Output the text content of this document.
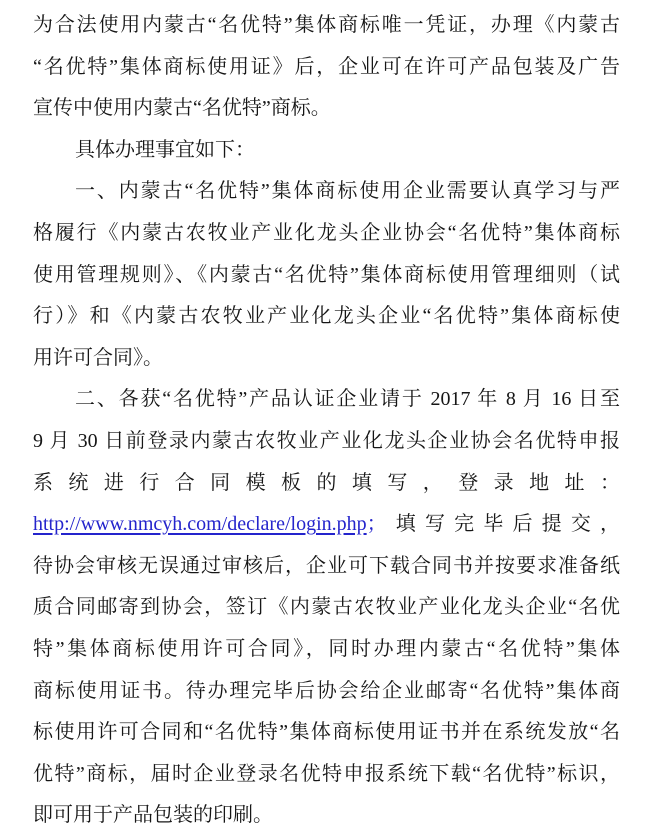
为合法使用内蒙古“名优特”集体商标唯一凭证，办理《内蒙古
“名优特”集体商标使用证》后，企业可在许可产品包装及广告
宣传中使用内蒙古“名优特”商标。
具体办理事宜如下：
一、内蒙古“名优特”集体商标使用企业需要认真学习与严
格履行《内蒙古农牧业产业化龙头企业协会“名优特”集体商标
使用管理规则》、《内蒙古“名优特”集体商标使用管理细则（试
行）》和《内蒙古农牧业产业化龙头企业“名优特”集体商标使
用许可合同》。
二、各获“名优特”产品认证企业请于 2017 年 8 月 16 日至
9 月 30 日前登录内蒙古农牧业产业化龙头企业协会名优特申报
系统进行合同模板的填写，登录地址：
http://www.nmcyh.com/declare/login.php；填写完毕后提交，
待协会审核无误通过审核后，企业可下载合同书并按要求准备纸
质合同邮寄到协会，签订《内蒙古农牧业产业化龙头企业“名优
特”集体商标使用许可合同》，同时办理内蒙古“名优特”集体
商标使用证书。待办理完毕后协会给企业邮寄“名优特”集体商
标使用许可合同和“名优特”集体商标使用证书并在系统发放“名
优特”商标，届时企业登录名优特申报系统下载“名优特”标识，
即可用于产品包装的印刷。
